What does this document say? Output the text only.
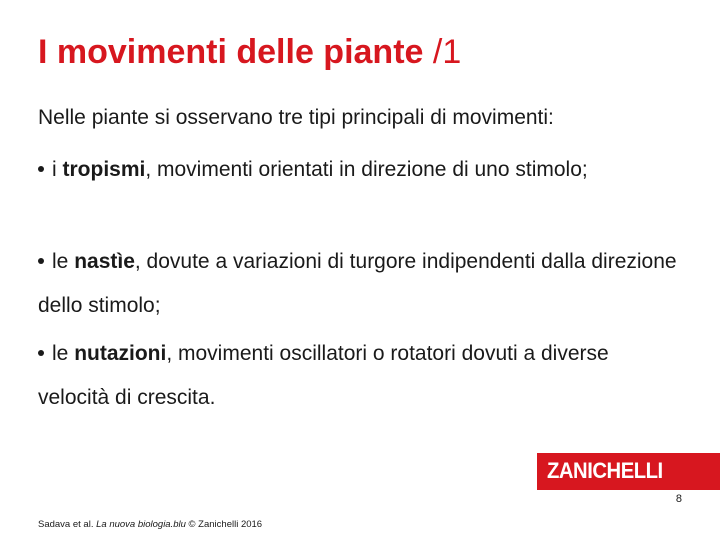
I movimenti delle piante /1
Nelle piante si osservano tre tipi principali di movimenti:
i tropismi, movimenti orientati in direzione di uno stimolo;
le nastìe, dovute a variazioni di turgore indipendenti dalla direzione dello stimolo;
le nutazioni, movimenti oscillatori o rotatori dovuti a diverse velocità di crescita.
ZANICHELLI
8
Sadava et al. La nuova biologia.blu © Zanichelli 2016
